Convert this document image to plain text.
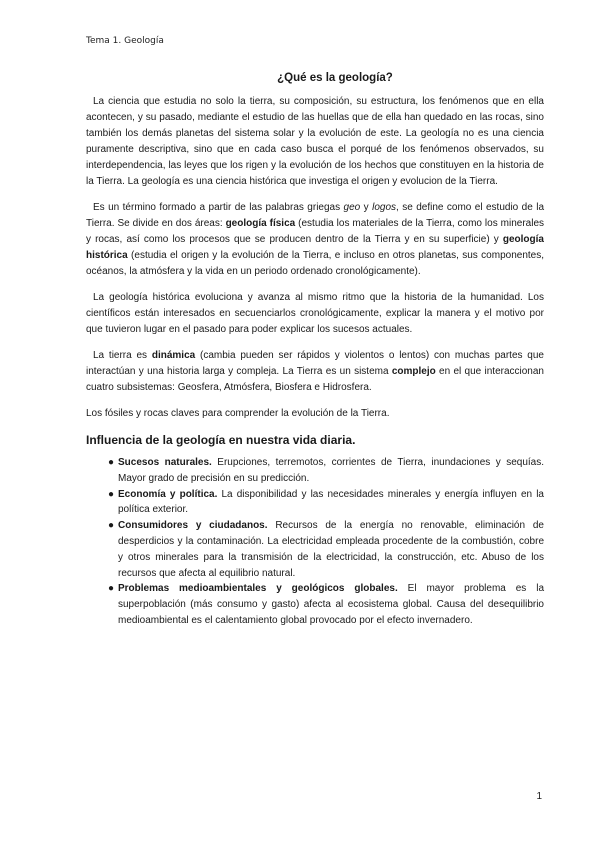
Tema 1. Geología
¿Qué es la geología?

La ciencia que estudia no solo la tierra, su composición, su estructura, los fenómenos que en ella acontecen, y su pasado, mediante el estudio de las huellas que de ella han quedado en las rocas, sino también los demás planetas del sistema solar y la evolución de este. La geología no es una ciencia puramente descriptiva, sino que en cada caso busca el porqué de los fenómenos observados, su interdependencia, las leyes que los rigen y la evolución de los hechos que constituyen en la historia de la Tierra. La geología es una ciencia histórica que investiga el origen y evolucion de la Tierra.

Es un término formado a partir de las palabras griegas geo y logos, se define como el estudio de la Tierra. Se divide en dos áreas: geología física (estudia los materiales de la Tierra, como los minerales y rocas, así como los procesos que se producen dentro de la Tierra y en su superficie) y geología histórica (estudia el origen y la evolución de la Tierra, e incluso en otros planetas, sus componentes, océanos, la atmósfera y la vida en un periodo ordenado cronológicamente).

La geología histórica evoluciona y avanza al mismo ritmo que la historia de la humanidad. Los científicos están interesados en secuenciarlos cronológicamente, explicar la manera y el motivo por que tuvieron lugar en el pasado para poder explicar los sucesos actuales.

La tierra es dinámica (cambia pueden ser rápidos y violentos o lentos) con muchas partes que interactúan y una historia larga y compleja. La Tierra es un sistema complejo en el que interaccionan cuatro subsistemas: Geosfera, Atmósfera, Biosfera e Hidrosfera.

Los fósiles y rocas claves para comprender la evolución de la Tierra.

Influencia de la geología en nuestra vida diaria.
● Sucesos naturales. Erupciones, terremotos, corrientes de Tierra, inundaciones y sequías. Mayor grado de precisión en su predicción.
● Economía y política. La disponibilidad y las necesidades minerales y energía influyen en la política exterior.
● Consumidores y ciudadanos. Recursos de la energía no renovable, eliminación de desperdicios y la contaminación. La electricidad empleada procedente de la combustión, cobre y otros minerales para la transmisión de la electricidad, la construcción, etc. Abuso de los recursos que afecta al equilibrio natural.
● Problemas medioambientales y geológicos globales. El mayor problema es la superpoblación (más consumo y gasto) afecta al ecosistema global. Causa del desequilibrio medioambiental es el calentamiento global provocado por el efecto invernadero.
1
